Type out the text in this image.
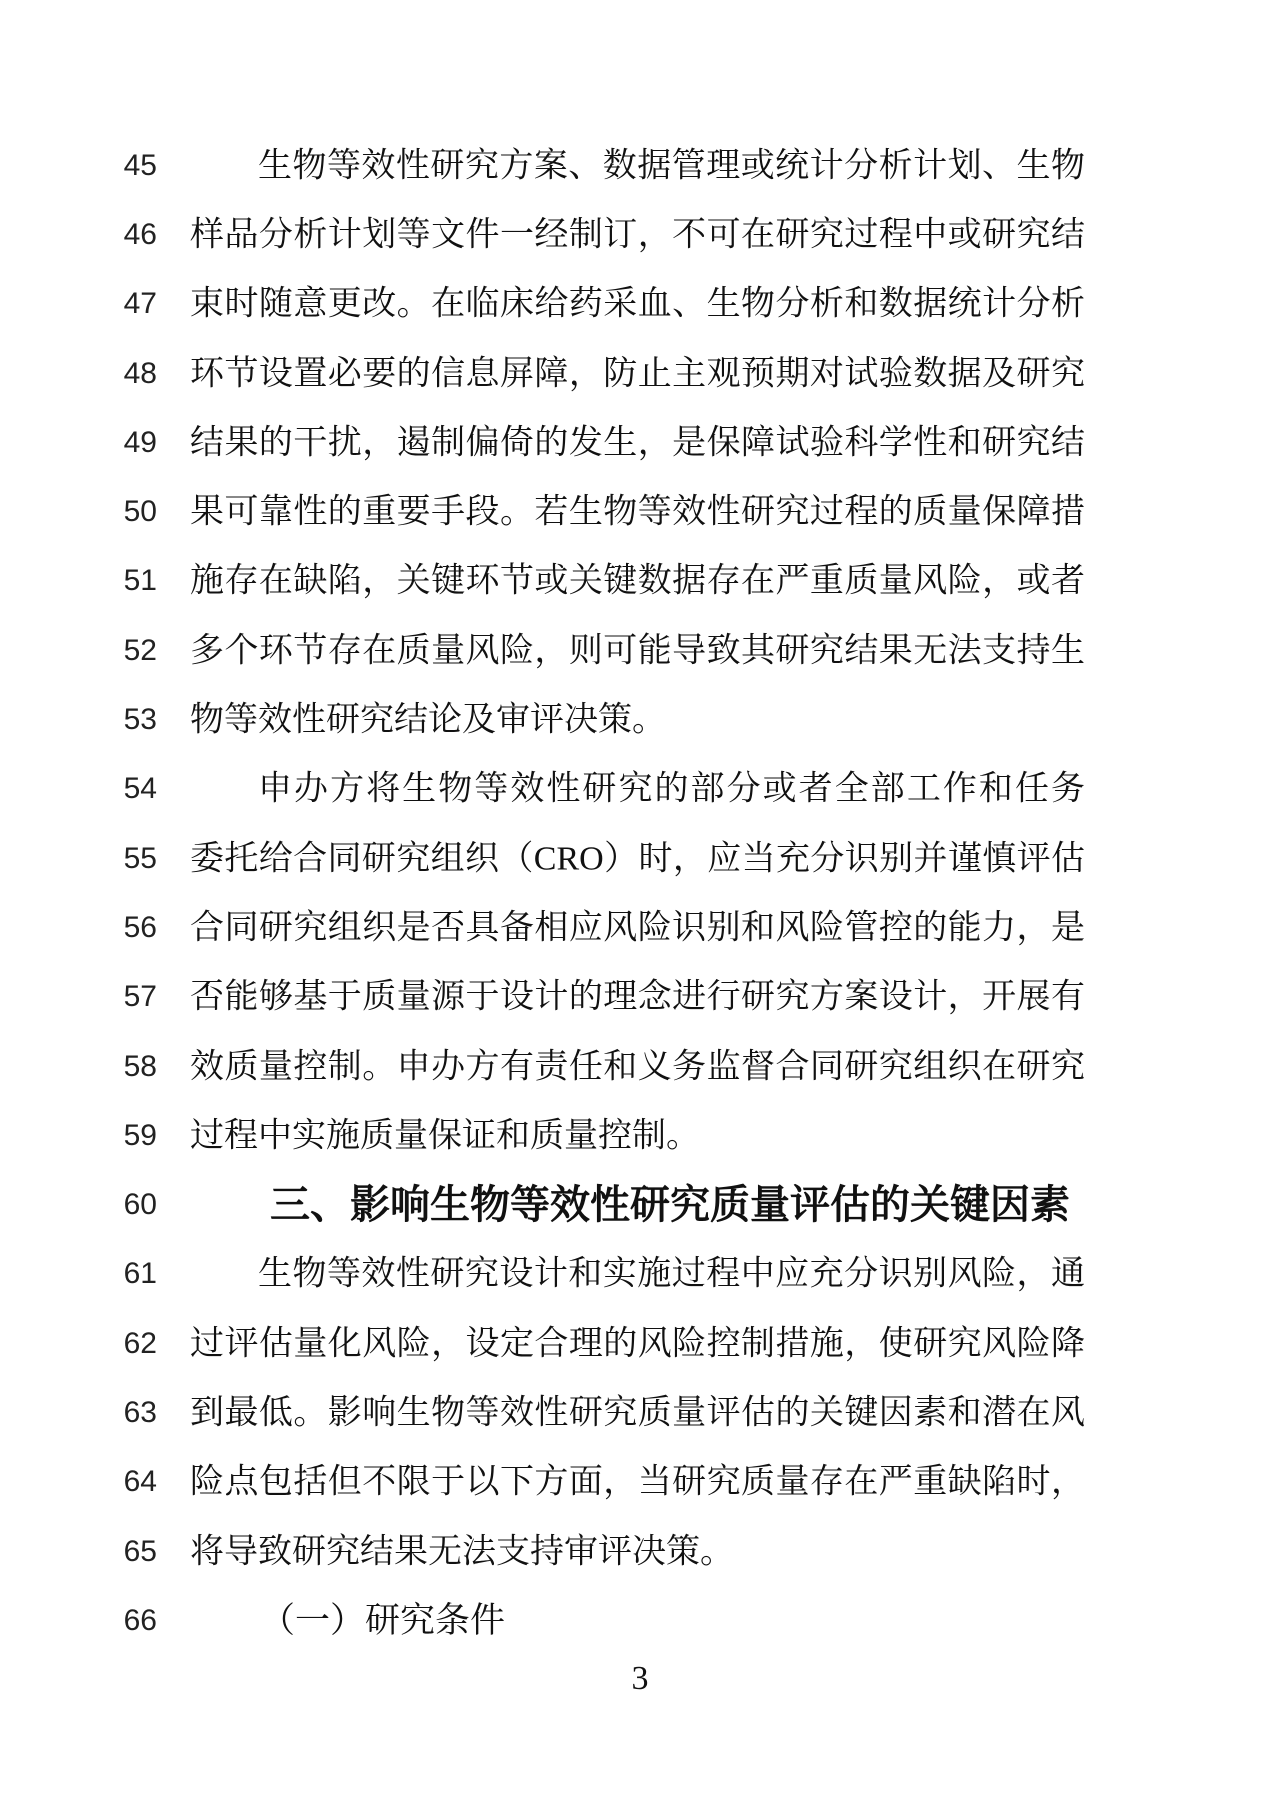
45	生物等效性研究方案、数据管理或统计分析计划、生物
46 样品分析计划等文件一经制订，不可在研究过程中或研究结
47 束时随意更改。在临床给药采血、生物分析和数据统计分析
48 环节设置必要的信息屏障，防止主观预期对试验数据及研究
49 结果的干扰，遏制偏倚的发生，是保障试验科学性和研究结
50 果可靠性的重要手段。若生物等效性研究过程的质量保障措
51 施存在缺陷，关键环节或关键数据存在严重质量风险，或者
52 多个环节存在质量风险，则可能导致其研究结果无法支持生
53 物等效性研究结论及审评决策。
54	申办方将生物等效性研究的部分或者全部工作和任务
55 委托给合同研究组织（CRO）时，应当充分识别并谨慎评估
56 合同研究组织是否具备相应风险识别和风险管控的能力，是
57 否能够基于质量源于设计的理念进行研究方案设计，开展有
58 效质量控制。申办方有责任和义务监督合同研究组织在研究
59 过程中实施质量保证和质量控制。
60	三、影响生物等效性研究质量评估的关键因素
61	生物等效性研究设计和实施过程中应充分识别风险，通
62 过评估量化风险，设定合理的风险控制措施，使研究风险降
63 到最低。影响生物等效性研究质量评估的关键因素和潜在风
64 险点包括但不限于以下方面，当研究质量存在严重缺陷时，
65 将导致研究结果无法支持审评决策。
66	（一）研究条件
3
